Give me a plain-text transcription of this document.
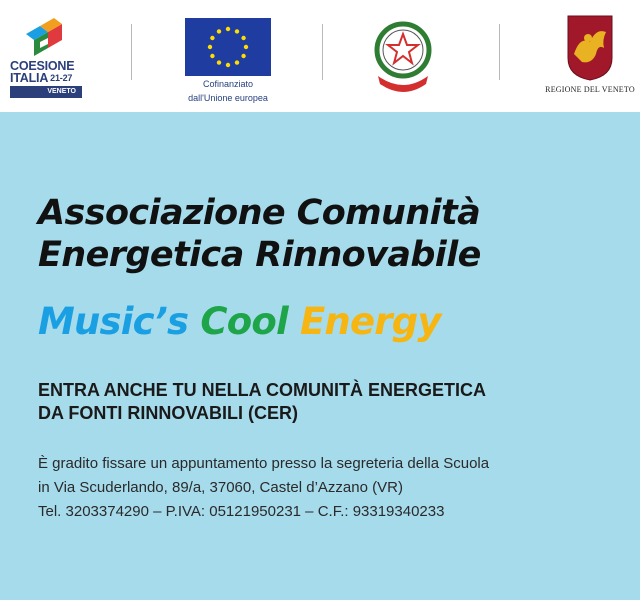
COESIONE
ITALIA $^{21-27}$
VENETO
Cofinanziato
dall'Unione europea
REGIONE DEL VENETO
Associazione Comunità
Energetica Rinnovabile
Music’s Cool Energy
ENTRA ANCHE TU NELLA COMUNITÀ ENERGETICA
DA FONTI RINNOVABILI (CER)
È gradito fissare un appuntamento presso la segreteria della Scuola
in Via Scuderlando, 89/a, 37060, Castel d’Azzano (VR)
Tel. 3203374290 – P.IVA: 05121950231 – C.F.: 93319340233
